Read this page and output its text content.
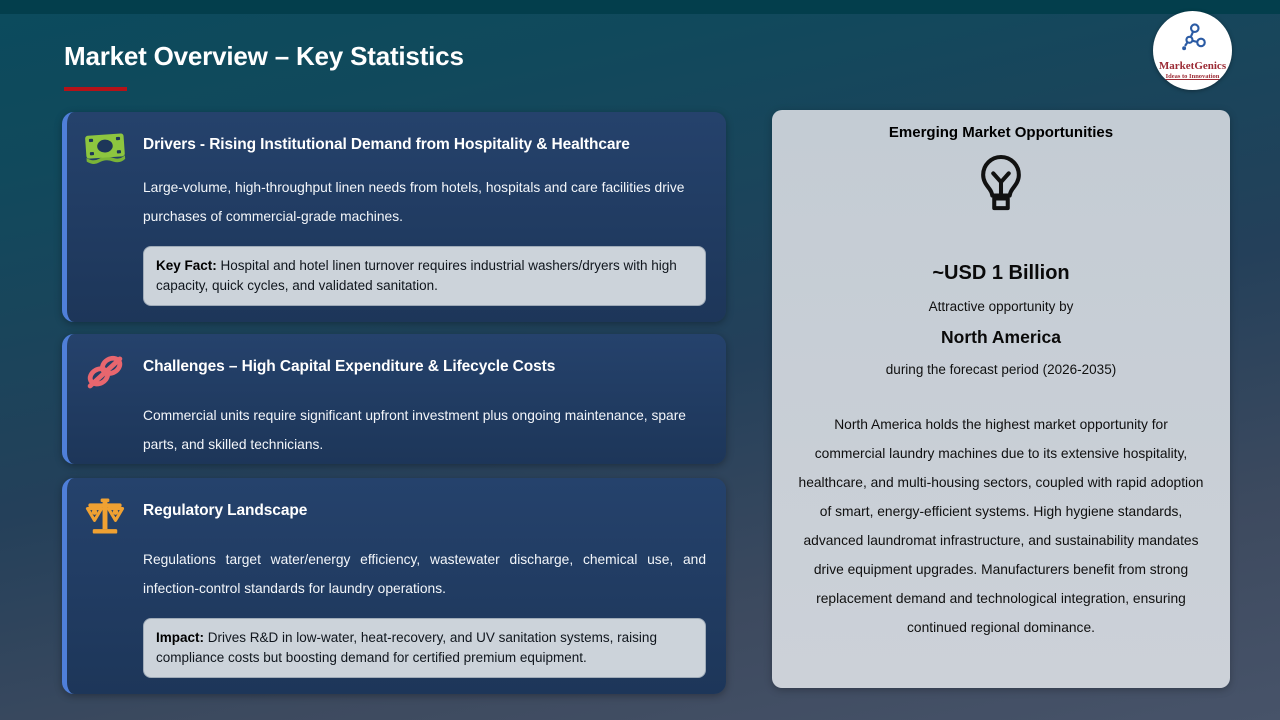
Market Overview – Key Statistics	MarketGenics
Ideas to Innovation
Drivers - Rising Institutional Demand from Hospitality & Healthcare
Large-volume, high-throughput linen needs from hotels, hospitals and care facilities drive purchases of commercial-grade machines.
Key Fact: Hospital and hotel linen turnover requires industrial washers/dryers with high capacity, quick cycles, and validated sanitation.
Challenges – High Capital Expenditure & Lifecycle Costs
Commercial units require significant upfront investment plus ongoing maintenance, spare parts, and skilled technicians.
Regulatory Landscape
Regulations target water/energy efficiency, wastewater discharge, chemical use, and infection-control standards for laundry operations.
Impact: Drives R&D in low-water, heat-recovery, and UV sanitation systems, raising compliance costs but boosting demand for certified premium equipment.
Emerging Market Opportunities
~USD 1 Billion
Attractive opportunity by
North America
during the forecast period (2026-2035)
North America holds the highest market opportunity for commercial laundry machines due to its extensive hospitality, healthcare, and multi-housing sectors, coupled with rapid adoption of smart, energy-efficient systems. High hygiene standards, advanced laundromat infrastructure, and sustainability mandates drive equipment upgrades. Manufacturers benefit from strong replacement demand and technological integration, ensuring continued regional dominance.
